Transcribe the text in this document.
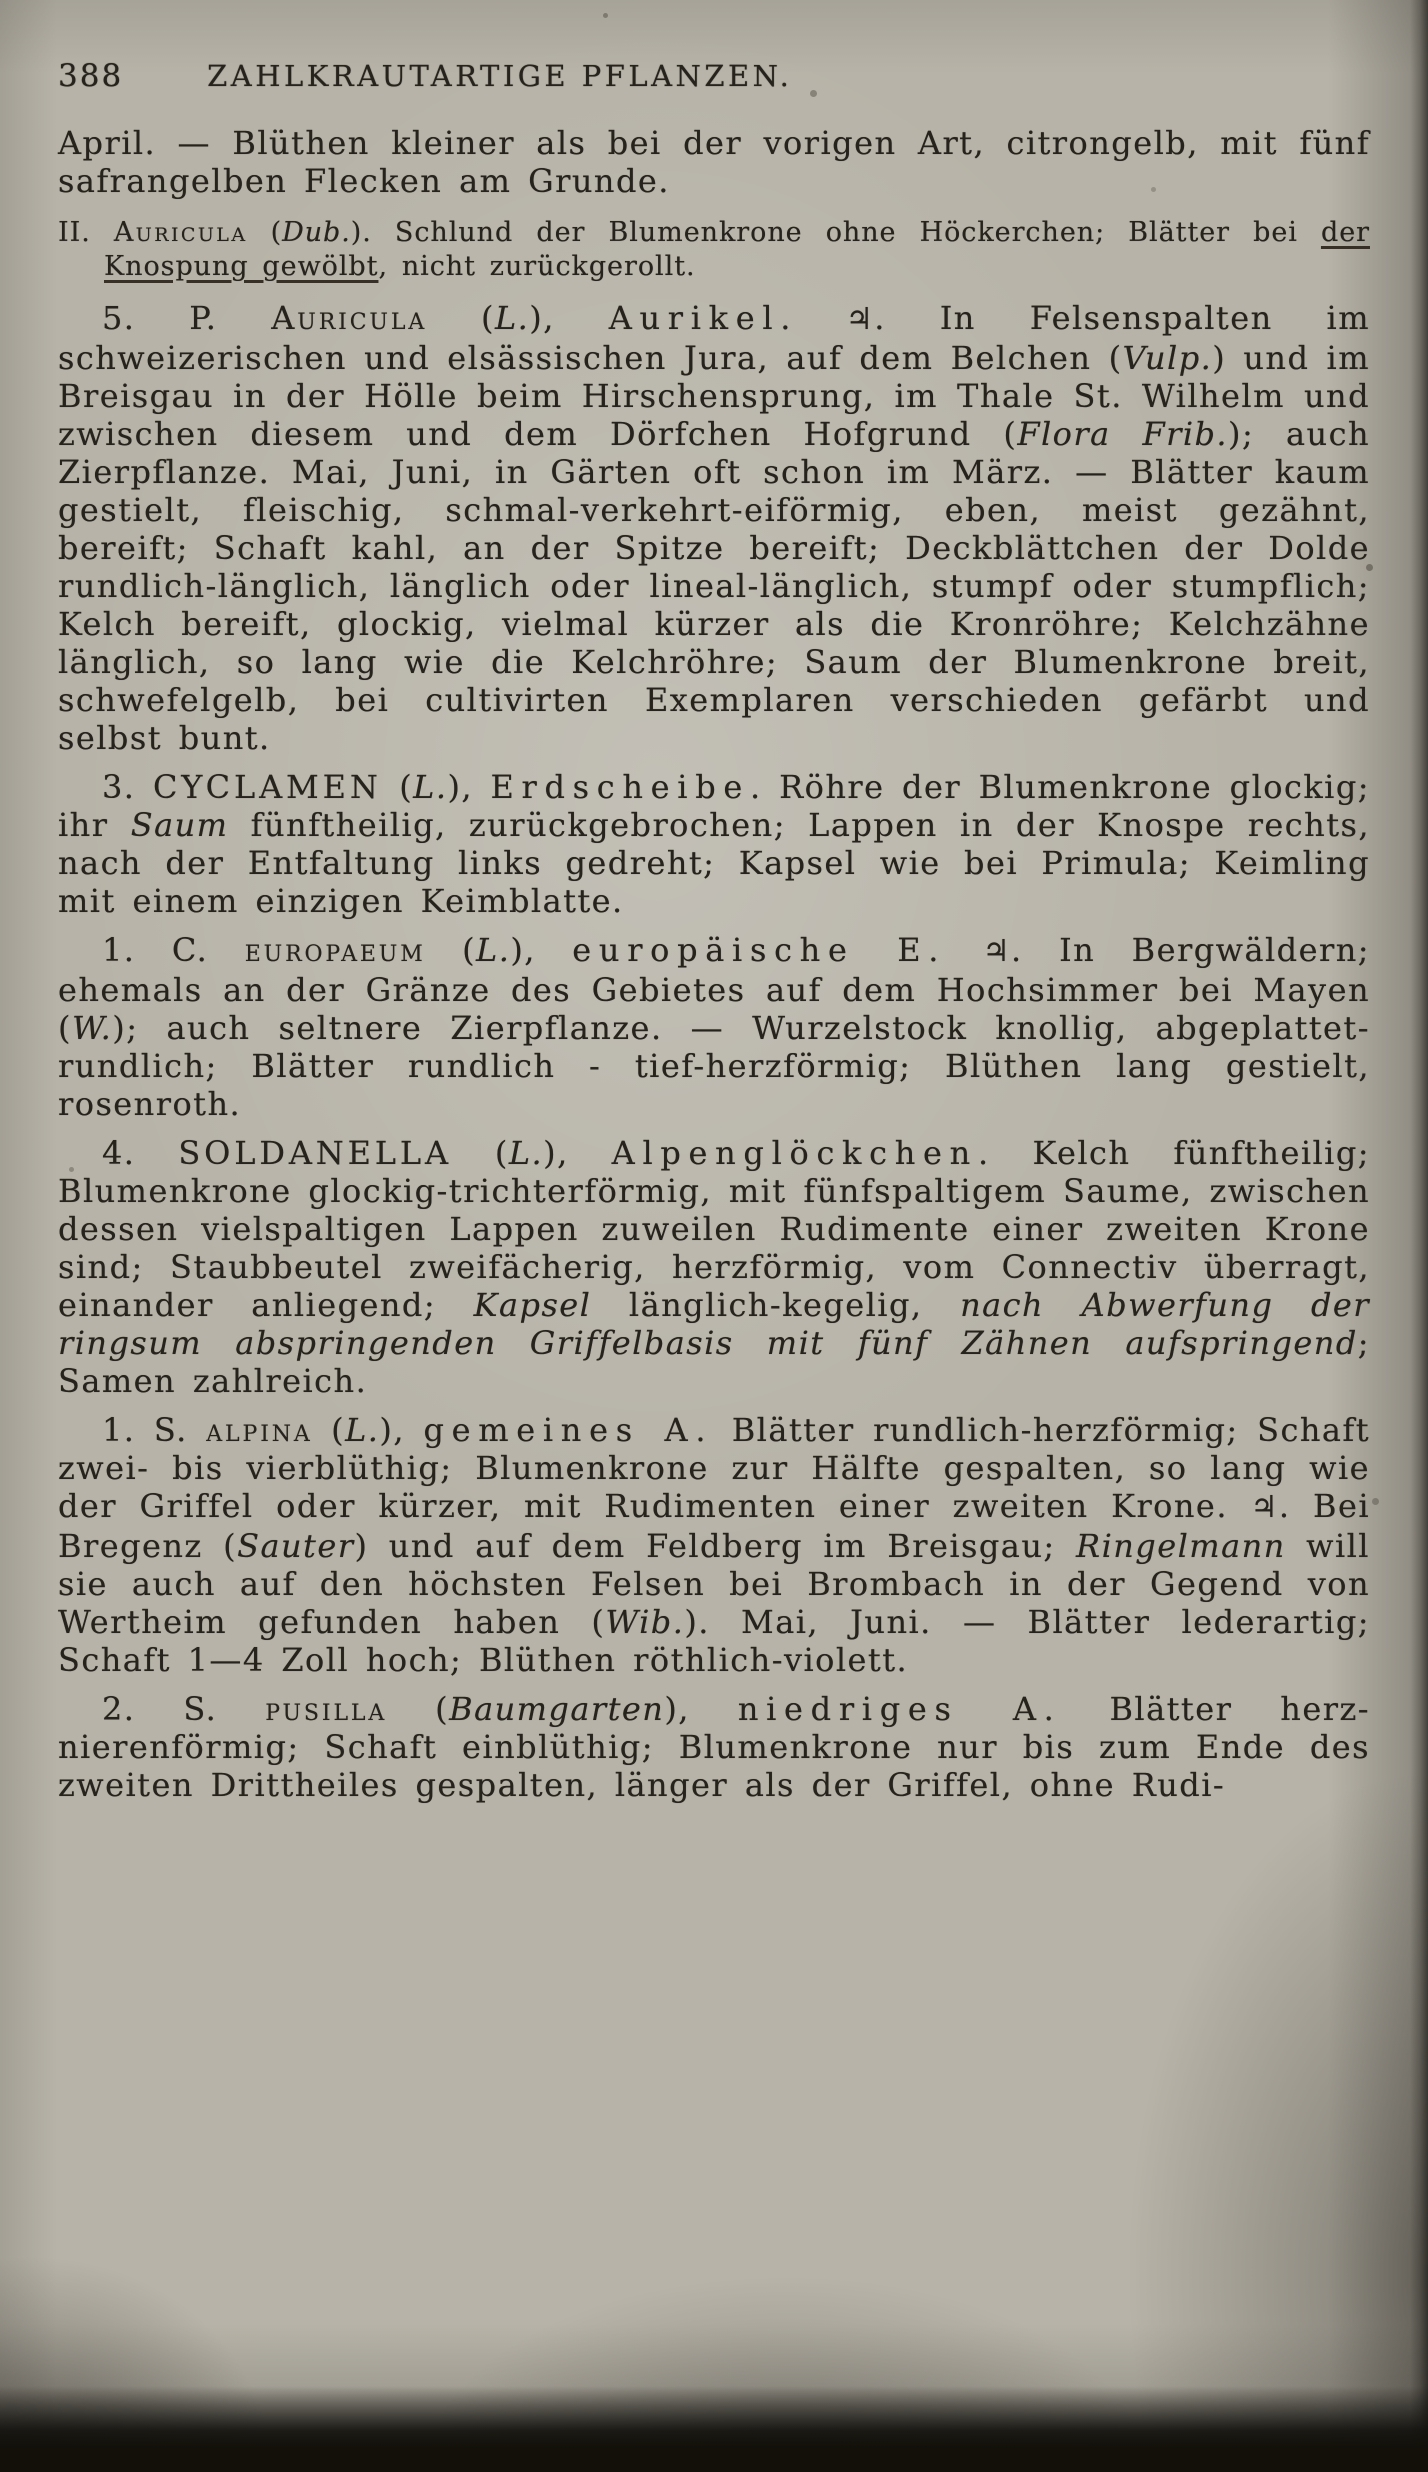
388	ZAHLKRAUTARTIGE PFLANZEN.

April. — Blüthen kleiner als bei der vorigen Art, citrongelb, mit fünf safrangelben Flecken am Grunde.

II. Auricula (Dub.). Schlund der Blumenkrone ohne Höckerchen; Blätter bei der Knospung gewölbt, nicht zurückgerollt.

5. P. Auricula (L.), Aurikel. ♃. In Felsenspalten im schweizerischen und elsässischen Jura, auf dem Belchen (Vulp.) und im Breisgau in der Hölle beim Hirschensprung, im Thale St. Wilhelm und zwischen diesem und dem Dörfchen Hofgrund (Flora Frib.); auch Zierpflanze. Mai, Juni, in Gärten oft schon im März. — Blätter kaum gestielt, fleischig, schmal-verkehrt-eiförmig, eben, meist gezähnt, bereift; Schaft kahl, an der Spitze bereift; Deckblättchen der Dolde rundlich-länglich, länglich oder lineal-länglich, stumpf oder stumpflich; Kelch bereift, glockig, vielmal kürzer als die Kronröhre; Kelchzähne länglich, so lang wie die Kelchröhre; Saum der Blumenkrone breit, schwefelgelb, bei cultivirten Exemplaren verschieden gefärbt und selbst bunt.

3. CYCLAMEN (L.), Erdscheibe. Röhre der Blumenkrone glockig; ihr Saum fünftheilig, zurückgebrochen; Lappen in der Knospe rechts, nach der Entfaltung links gedreht; Kapsel wie bei Primula; Keimling mit einem einzigen Keimblatte.

1. C. europaeum (L.), europäische E. ♃. In Bergwäldern; ehemals an der Gränze des Gebietes auf dem Hochsimmer bei Mayen (W.); auch seltnere Zierpflanze. — Wurzelstock knollig, abgeplattet-rundlich; Blätter rundlich - tief-herzförmig; Blüthen lang gestielt, rosenroth.

4. SOLDANELLA (L.), Alpenglöckchen. Kelch fünftheilig; Blumenkrone glockig-trichterförmig, mit fünfspaltigem Saume, zwischen dessen vielspaltigen Lappen zuweilen Rudimente einer zweiten Krone sind; Staubbeutel zweifächerig, herzförmig, vom Connectiv überragt, einander anliegend; Kapsel länglich-kegelig, nach Abwerfung der ringsum abspringenden Griffelbasis mit fünf Zähnen aufspringend; Samen zahlreich.

1. S. alpina (L.), gemeines A. Blätter rundlich-herzförmig; Schaft zwei- bis vierblüthig; Blumenkrone zur Hälfte gespalten, so lang wie der Griffel oder kürzer, mit Rudimenten einer zweiten Krone. ♃. Bei Bregenz (Sauter) und auf dem Feldberg im Breisgau; Ringelmann will sie auch auf den höchsten Felsen bei Brombach in der Gegend von Wertheim gefunden haben (Wib.). Mai, Juni. — Blätter lederartig; Schaft 1—4 Zoll hoch; Blüthen röthlich-violett.

2. S. pusilla (Baumgarten), niedriges A. Blätter herz-nierenförmig; Schaft einblüthig; Blumenkrone nur bis zum Ende des zweiten Drittheiles gespalten, länger als der Griffel, ohne Rudi-
